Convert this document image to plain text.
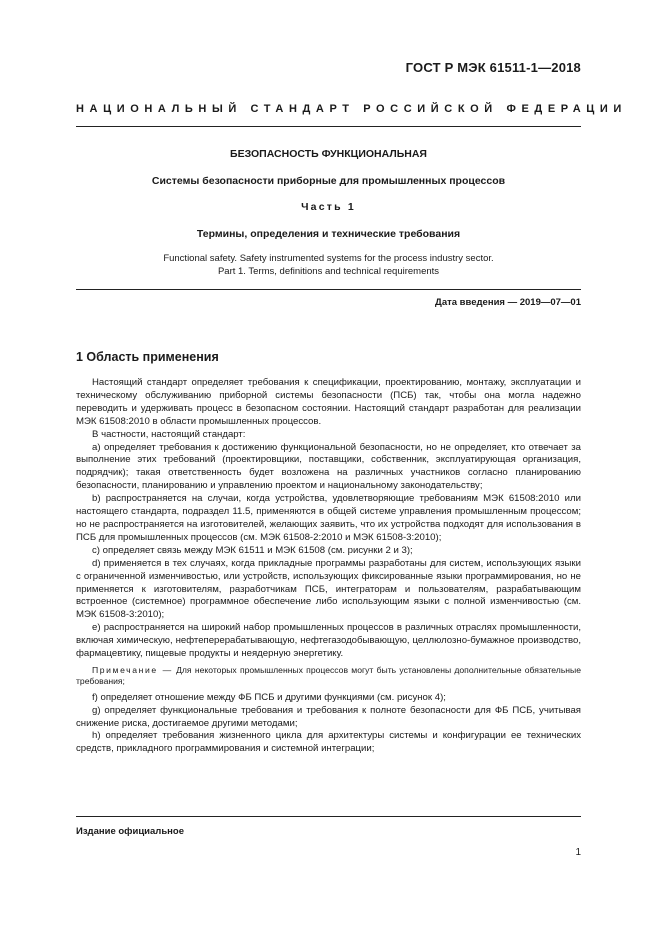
ГОСТ Р МЭК 61511-1—2018
НАЦИОНАЛЬНЫЙ СТАНДАРТ РОССИЙСКОЙ ФЕДЕРАЦИИ
БЕЗОПАСНОСТЬ ФУНКЦИОНАЛЬНАЯ
Системы безопасности приборные для промышленных процессов
Часть 1
Термины, определения и технические требования
Functional safety. Safety instrumented systems for the process industry sector.
Part 1. Terms, definitions and technical requirements
Дата введения — 2019—07—01
1 Область применения

Настоящий стандарт определяет требования к спецификации, проектированию, монтажу, эксплуатации и техническому обслуживанию приборной системы безопасности (ПСБ) так, чтобы она могла надежно переводить и удерживать процесс в безопасном состоянии. Настоящий стандарт разработан для реализации МЭК 61508:2010 в области промышленных процессов.

В частности, настоящий стандарт:

а) определяет требования к достижению функциональной безопасности, но не определяет, кто отвечает за выполнение этих требований (проектировщики, поставщики, собственник, эксплуатирующая организация, подрядчик); такая ответственность будет возложена на различных участников согласно планированию безопасности, планированию и управлению проектом и национальному законодательству;

b) распространяется на случаи, когда устройства, удовлетворяющие требованиям МЭК 61508:2010 или настоящего стандарта, подраздел 11.5, применяются в общей системе управления промышленным процессом; но не распространяется на изготовителей, желающих заявить, что их устройства подходят для использования в ПСБ для промышленных процессов (см. МЭК 61508-2:2010 и МЭК 61508-3:2010);

c) определяет связь между МЭК 61511 и МЭК 61508 (см. рисунки 2 и 3);

d) применяется в тех случаях, когда прикладные программы разработаны для систем, использующих языки с ограниченной изменчивостью, или устройств, использующих фиксированные языки программирования, но не применяется к изготовителям, разработчикам ПСБ, интеграторам и пользователям, разрабатывающим встроенное (системное) программное обеспечение либо использующим языки с полной изменчивостью (см. МЭК 61508-3:2010);

e) распространяется на широкий набор промышленных процессов в различных отраслях промышленности, включая химическую, нефтеперерабатывающую, нефтегазодобывающую, целлюлозно-бумажное производство, фармацевтику, пищевые продукты и неядерную энергетику.

Примечание — Для некоторых промышленных процессов могут быть установлены дополнительные обязательные требования;

f) определяет отношение между ФБ ПСБ и другими функциями (см. рисунок 4);

g) определяет функциональные требования и требования к полноте безопасности для ФБ ПСБ, учитывая снижение риска, достигаемое другими методами;

h) определяет требования жизненного цикла для архитектуры системы и конфигурации ее технических средств, прикладного программирования и системной интеграции;

Издание официальное
1
